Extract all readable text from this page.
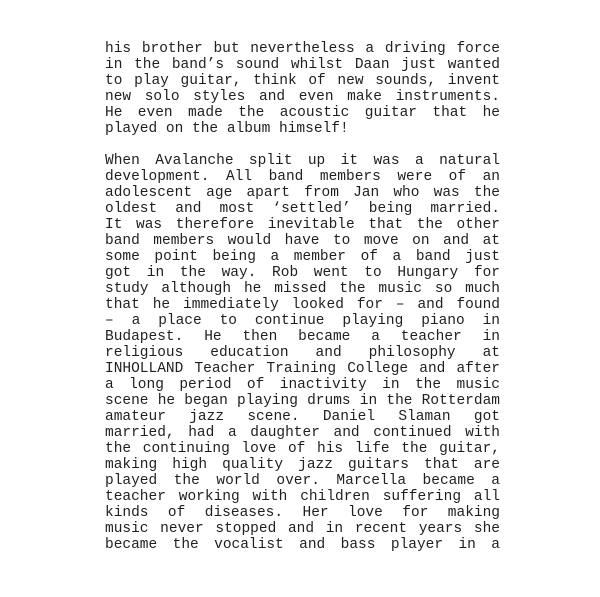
his brother but nevertheless a driving force
in the band’s sound whilst Daan just wanted
to play guitar, think of new sounds, invent
new solo styles and even make instruments.
He even made the acoustic guitar that he
played on the album himself!
When Avalanche split up it was a natural
development. All band members were of an
adolescent age apart from Jan who was the
oldest and most ‘settled’ being married.
It was therefore inevitable that the other
band members would have to move on and at
some point being a member of a band just
got in the way. Rob went to Hungary for
study although he missed the music so much
that he immediately looked for – and found
– a place to continue playing piano in
Budapest. He then became a teacher in
religious education and philosophy at
INHOLLAND Teacher Training College and after
a long period of inactivity in the music
scene he began playing drums in the Rotterdam
amateur jazz scene. Daniel Slaman got
married, had a daughter and continued with
the continuing love of his life the guitar,
making high quality jazz guitars that are
played the world over. Marcella became a
teacher working with children suffering all
kinds of diseases. Her love for making
music never stopped and in recent years she
became the vocalist and bass player in a
